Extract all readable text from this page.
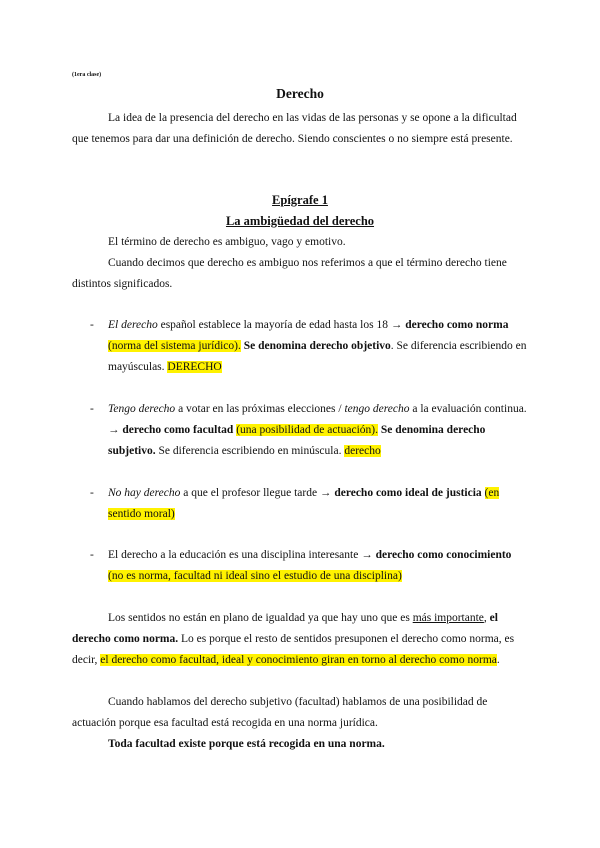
(1era clase)
Derecho

La idea de la presencia del derecho en las vidas de las personas y se opone a la dificultad que tenemos para dar una definición de derecho. Siendo conscientes o no siempre está presente.

Epígrafe 1
La ambigüedad del derecho

El término de derecho es ambiguo, vago y emotivo.

Cuando decimos que derecho es ambiguo nos referimos a que el término derecho tiene distintos significados.

- El derecho español establece la mayoría de edad hasta los 18 → derecho como norma (norma del sistema jurídico). Se denomina derecho objetivo. Se diferencia escribiendo en mayúsculas. DERECHO

- Tengo derecho a votar en las próximas elecciones / tengo derecho a la evaluación continua. → derecho como facultad (una posibilidad de actuación). Se denomina derecho subjetivo. Se diferencia escribiendo en minúscula. derecho

- No hay derecho a que el profesor llegue tarde → derecho como ideal de justicia (en sentido moral)

- El derecho a la educación es una disciplina interesante → derecho como conocimiento (no es norma, facultad ni ideal sino el estudio de una disciplina)

Los sentidos no están en plano de igualdad ya que hay uno que es más importante, el derecho como norma. Lo es porque el resto de sentidos presuponen el derecho como norma, es decir, el derecho como facultad, ideal y conocimiento giran en torno al derecho como norma.

Cuando hablamos del derecho subjetivo (facultad) hablamos de una posibilidad de actuación porque esa facultad está recogida en una norma jurídica.

Toda facultad existe porque está recogida en una norma.
